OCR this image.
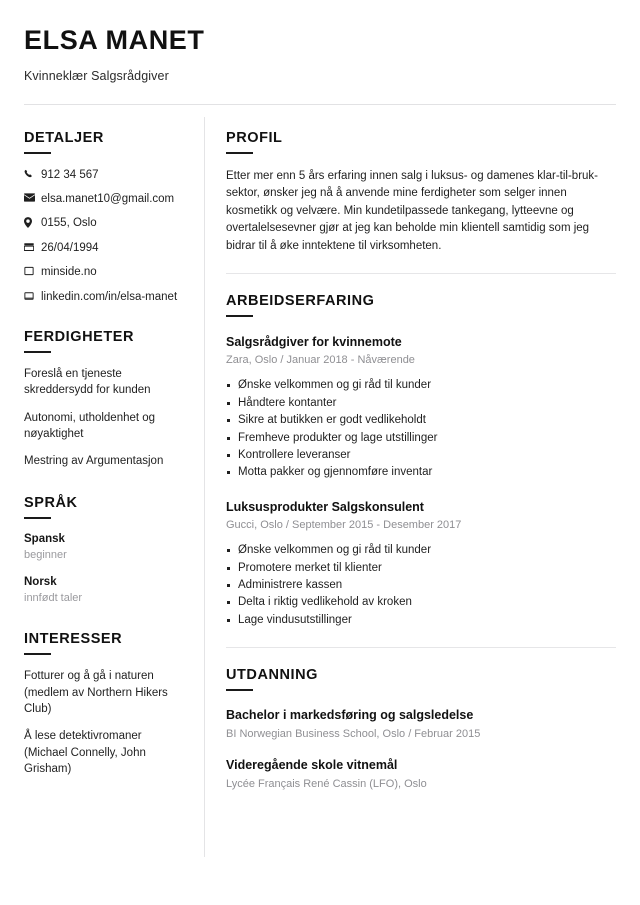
ELSA MANET
Kvinneklær Salgsrådgiver
DETALJER
912 34 567
elsa.manet10@gmail.com
0155, Oslo
26/04/1994
minside.no
linkedin.com/in/elsa-manet
FERDIGHETER
Foreslå en tjeneste skreddersydd for kunden
Autonomi, utholdenhet og nøyaktighet
Mestring av Argumentasjon
SPRÅK
Spansk
beginner
Norsk
innfødt taler
INTERESSER
Fotturer og å gå i naturen (medlem av Northern Hikers Club)
Å lese detektivromaner (Michael Connelly, John Grisham)
PROFIL

Etter mer enn 5 års erfaring innen salg i luksus- og damenes klar-til-bruk-sektor, ønsker jeg nå å anvende mine ferdigheter som selger innen kosmetikk og velvære. Min kundetilpassede tankegang, lytteevne og overtalelsesevner gjør at jeg kan beholde min klientell samtidig som jeg bidrar til å øke inntektene til virksomheten.

ARBEIDSERFARING
Salgsrådgiver for kvinnemote
Zara, Oslo / Januar 2018 - Nåværende
Ønske velkommen og gi råd til kunder
Håndtere kontanter
Sikre at butikken er godt vedlikeholdt
Fremheve produkter og lage utstillinger
Kontrollere leveranser
Motta pakker og gjennomføre inventar
Luksusprodukter Salgskonsulent
Gucci, Oslo / September 2015 - Desember 2017
Ønske velkommen og gi råd til kunder
Promotere merket til klienter
Administrere kassen
Delta i riktig vedlikehold av kroken
Lage vindusutstillinger
UTDANNING
Bachelor i markedsføring og salgsledelse
BI Norwegian Business School, Oslo / Februar 2015
Videregående skole vitnemål
Lycée Français René Cassin (LFO), Oslo
